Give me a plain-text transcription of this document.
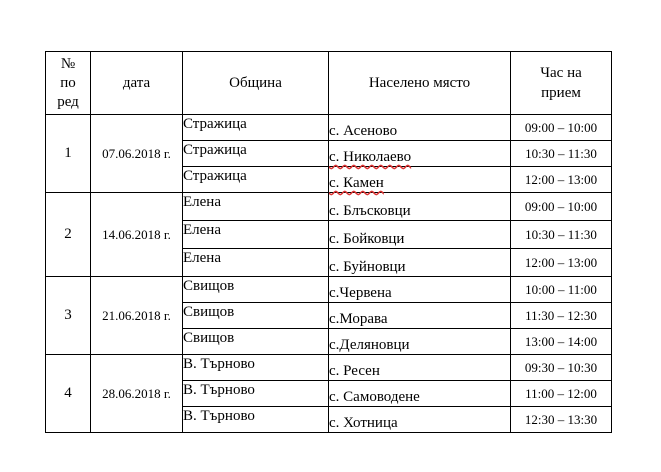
№
по
ред	дата	Община	Населено място	Час на
прием
1	07.06.2018 г.	Стражица	с. Асеново	09:00 – 10:00
		Стражица	с. Николаево	10:30 – 11:30
		Стражица	с. Камен	12:00 – 13:00
2	14.06.2018 г.	Елена	с. Блъсковци	09:00 – 10:00
		Елена	с. Бойковци	10:30 – 11:30
		Елена	с. Буйновци	12:00 – 13:00
3	21.06.2018 г.	Свищов	с.Червена	10:00 – 11:00
		Свищов	с.Морава	11:30 – 12:30
		Свищов	с.Деляновци	13:00 – 14:00
4	28.06.2018 г.	В. Търново	с. Ресен	09:30 – 10:30
		В. Търново	с. Самоводене	11:00 – 12:00
		В. Търново	с. Хотница	12:30 – 13:30
